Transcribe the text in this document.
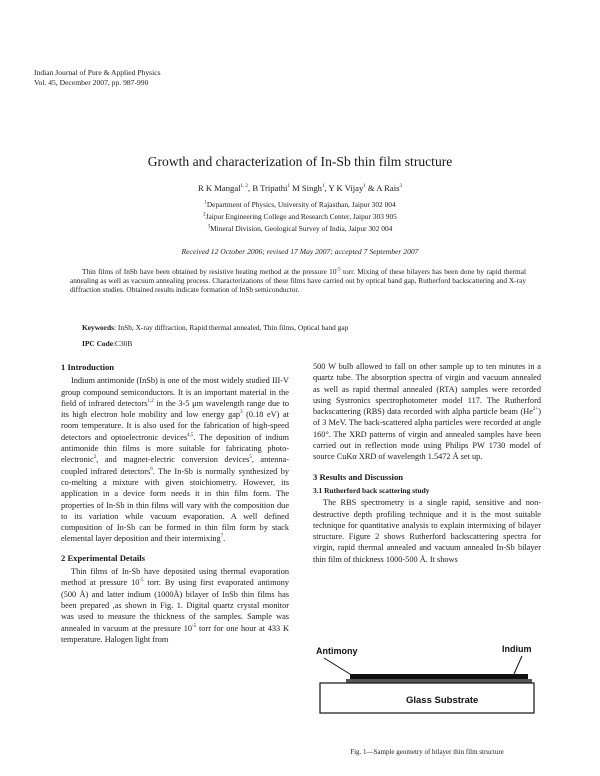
Indian Journal of Pure & Applied Physics
Vol. 45, December 2007, pp. 987-990
Growth and characterization of In-Sb thin film structure
R K Mangal$^{1, 2}$, B Tripathi$^1$ M Singh$^1$, Y K Vijay$^1$ & A Rais$^3$
$^1$Department of Physics, University of Rajasthan, Jaipur 302 004
$^2$Jaipur Engineering College and Research Center, Jaipur 303 905
$^3$Mineral Division, Geological Survey of India, Jaipur 302 004
Received 12 October 2006; revised 17 May 2007; accepted 7 September 2007
Thin films of InSb have been obtained by resistive heating method at the pressure $10^{-5}$ torr. Mixing of these bilayers has been done by rapid thermal annealing as well as vacuum annealing process. Characterizations of these films have carried out by optical band gap, Rutherford backscattering and X-ray diffraction studies. Obtained results indicate formation of InSb semiconductor.
Keywords: InSb, X-ray diffraction, Rapid thermal annealed, Thin films, Optical band gap
IPC Code:C30B
1 Introduction

Indium antimonide (InSb) is one of the most widely studied III-V group compound semiconductors. It is an important material in the field of infrared detectors$^{1,2}$ in the 3-5 μm wavelength range due to its high electron hole mobility and low energy gap$^3$ (0.18 eV) at room temperature. It is also used for the fabrication of high-speed detectors and optoelectronic devices$^{4,5}$. The deposition of indium antimonide thin films is more suitable for fabricating photo-electronic$^2$, and magnet-electric conversion devices$^5$, antenna-coupled infrared detectors$^6$. The In-Sb is normally synthesized by co-melting a mixture with given stoichiometry. However, its application in a device form needs it in thin film form. The properties of In-Sb in thin films will vary with the composition due to its variation while vacuum evaporation. A well defined composition of In-Sb can be formed in thin film form by stack elemental layer deposition and their intermixing$^7$.

2 Experimental Details

Thin films of In-Sb have deposited using thermal evaporation method at pressure $10^{-5}$ torr. By using first evaporated antimony (500 Å) and latter indium (1000Å) bilayer of InSb thin films has been prepared ,as shown in Fig. 1. Digital quartz crystal monitor was used to measure the thickness of the samples. Sample was annealed in vacuum at the pressure $10^{-5}$ torr for one hour at 433 K temperature. Halogen light from

500 W bulb allowed to fall on other sample up to ten minutes in a quartz tube. The absorption spectra of virgin and vacuum annealed as well as rapid thermal annealed (RTA) samples were recorded using Systronics spectrophotometer model 117. The Rutherford backscattering (RBS) data recorded with alpha particle beam $(He^{2+})$ of 3 MeV. The back-scattered alpha particles were recorded at angle 160°. The XRD patterns of virgin and annealed samples have been carried out in reflection mode using Philips PW 1730 model of source CuKα XRD of wavelength 1.5472 Å set up.

3 Results and Discussion
3.1 Rutherford back scattering study

The RBS spectrometry is a single rapid, sensitive and non-destructive depth profiling technique and it is the most suitable technique for quantitative analysis to explain intermixing of bilayer structure. Figure 2 shows Rutherford backscattering spectra for virgin, rapid thermal annealed and vacuum annealed In-Sb bilayer thin film of thickness 1000-500 Å. It shows

Antimony	Indium
Glass Substrate
Fig. 1—Sample geometry of bilayer thin film structure
